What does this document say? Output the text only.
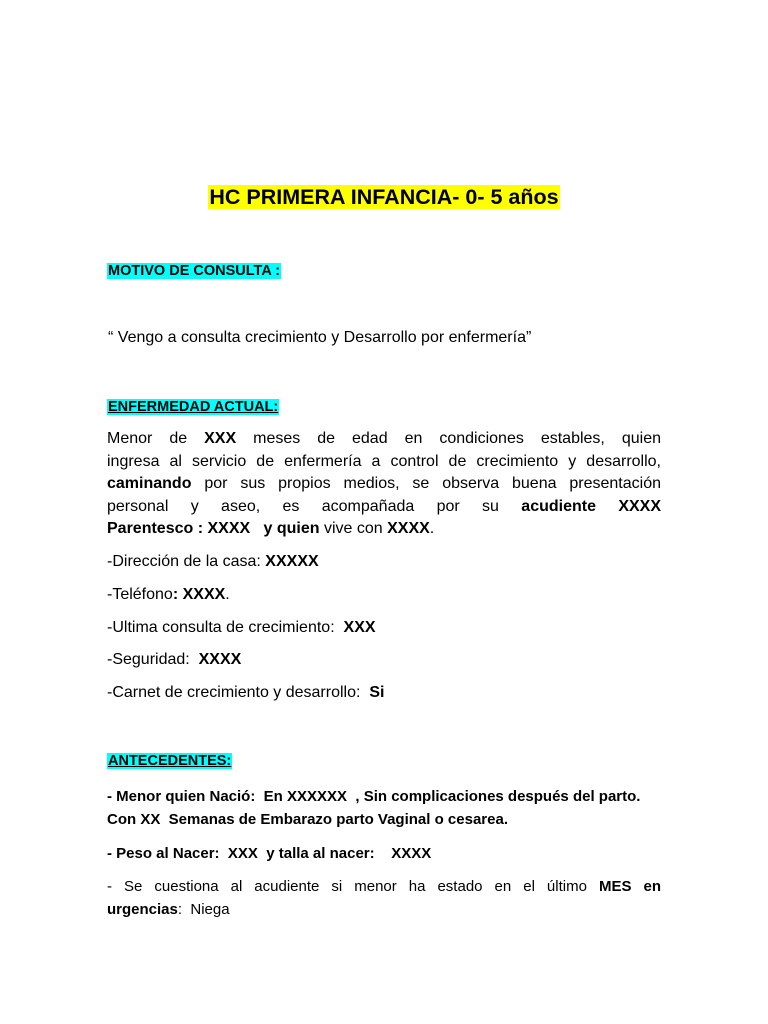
HC PRIMERA INFANCIA- 0- 5 años
MOTIVO DE CONSULTA :
“ Vengo a consulta crecimiento y Desarrollo por enfermería”
ENFERMEDAD ACTUAL:
Menor de XXX meses de edad en condiciones estables, quien
ingresa al servicio de enfermería a control de crecimiento y desarrollo,
caminando por sus propios medios, se observa buena presentación
personal y aseo, es acompañada por su acudiente XXXX
Parentesco : XXXX   y quien vive con XXXX.
-Dirección de la casa: XXXXX
-Teléfono: XXXX.
-Ultima consulta de crecimiento:  XXX
-Seguridad:  XXXX
-Carnet de crecimiento y desarrollo:  Si
ANTECEDENTES:
- Menor quien Nació:  En XXXXXX  , Sin complicaciones después del parto.
Con XX  Semanas de Embarazo parto Vaginal o cesarea.
- Peso al Nacer:  XXX  y talla al nacer:    XXXX
- Se cuestiona al acudiente si menor ha estado en el último MES en
urgencias:  Niega
